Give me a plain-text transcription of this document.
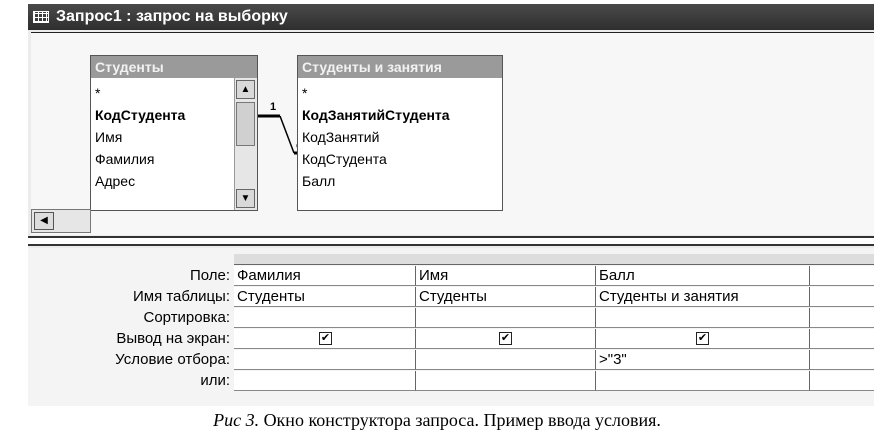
Запрос1 : запрос на выборку
Студенты
*
КодСтудента
Имя
Фамилия
Адрес
▲
▼
1
Студенты и занятия
*
КодЗанятийСтудента
КодЗанятий
КодСтудента
Балл
◀
Поле:
Имя таблицы:
Сортировка:
Вывод на экран:
Условие отбора:
или:
Фамилия
Студенты
✔
Имя
Студенты
✔
Балл
Студенты и занятия
✔
>"3"
Рис 3. Окно конструктора запроса. Пример ввода условия.
